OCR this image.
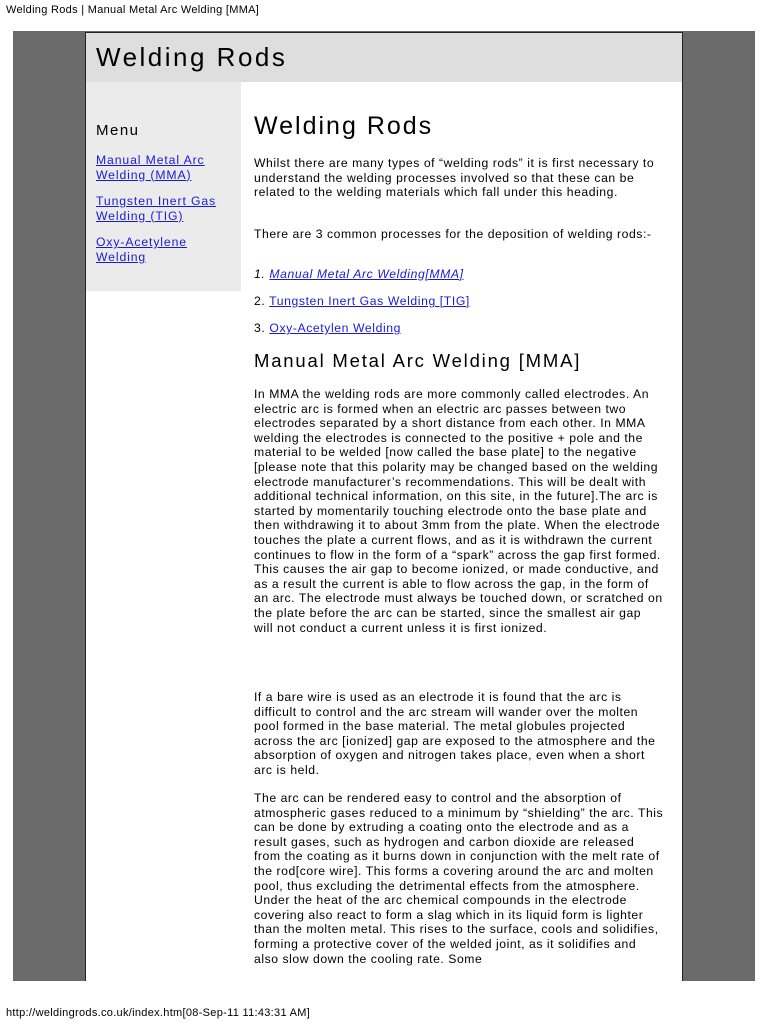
Welding Rods | Manual Metal Arc Welding [MMA]
Welding Rods
Menu
Manual Metal Arc Welding (MMA)
Tungsten Inert Gas Welding (TIG)
Oxy-Acetylene Welding
Welding Rods

Whilst there are many types of “welding rods” it is first necessary to understand the welding processes involved so that these can be related to the welding materials which fall under this heading.

There are 3 common processes for the deposition of welding rods:-

1. Manual Metal Arc Welding[MMA]
2. Tungsten Inert Gas Welding [TIG]
3. Oxy-Acetylen Welding
Manual Metal Arc Welding [MMA]

In MMA the welding rods are more commonly called electrodes. An electric arc is formed when an electric arc passes between two electrodes separated by a short distance from each other. In MMA welding the electrodes is connected to the positive + pole and the material to be welded [now called the base plate] to the negative [please note that this polarity may be changed based on the welding electrode manufacturer’s recommendations. This will be dealt with additional technical information, on this site, in the future].The arc is started by momentarily touching electrode onto the base plate and then withdrawing it to about 3mm from the plate. When the electrode touches the plate a current flows, and as it is withdrawn the current continues to flow in the form of a “spark” across the gap first formed. This causes the air gap to become ionized, or made conductive, and as a result the current is able to flow across the gap, in the form of an arc. The electrode must always be touched down, or scratched on the plate before the arc can be started, since the smallest air gap will not conduct a current unless it is first ionized.

If a bare wire is used as an electrode it is found that the arc is difficult to control and the arc stream will wander over the molten pool formed in the base material. The metal globules projected across the arc [ionized] gap are exposed to the atmosphere and the absorption of oxygen and nitrogen takes place, even when a short arc is held.

The arc can be rendered easy to control and the absorption of atmospheric gases reduced to a minimum by “shielding” the arc. This can be done by extruding a coating onto the electrode and as a result gases, such as hydrogen and carbon dioxide are released from the coating as it burns down in conjunction with the melt rate of the rod[core wire]. This forms a covering around the arc and molten pool, thus excluding the detrimental effects from the atmosphere. Under the heat of the arc chemical compounds in the electrode covering also react to form a slag which in its liquid form is lighter than the molten metal. This rises to the surface, cools and solidifies, forming a protective cover of the welded joint, as it solidifies and also slow down the cooling rate. Some

http://weldingrods.co.uk/index.htm[08-Sep-11 11:43:31 AM]
